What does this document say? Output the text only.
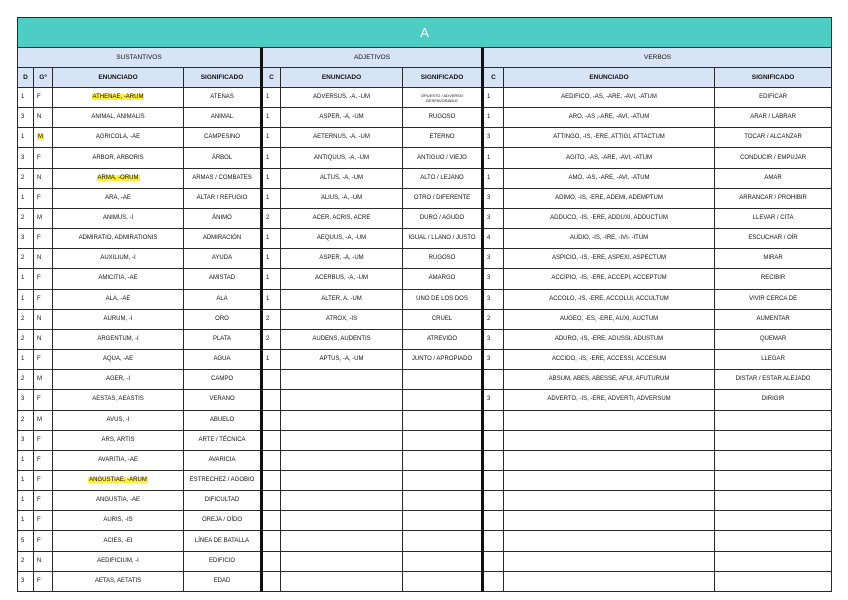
A									
SUSTANTIVOS				ADJETIVOS			VERBOS		
D	Gº	ENUNCIADO	SIGNIFICADO	C	ENUNCIADO	SIGNIFICADO	C	ENUNCIADO	SIGNIFICADO
1	F	ATHENAE, -ARUM	ATENAS	1	ADVERSUS, -A, -UM	OPUESTO / ADVERSO DESFAVORABLE	1	AEDIFICO, -AS, -ARE, -AVI, -ATUM	EDIFICAR
3	N	ANIMAL, ANIMALIS	ANIMAL	1	ASPER, -A, -UM	RUGOSO	1	ARO, -AS ,-ARE, -AVI, -ATUM	ARAR / LABRAR
1	M	AGRICOLA, -AE	CAMPESINO	1	AETERNUS, -A, -UM	ETERNO	3	ATTINGO, -IS, -ERE, ATTIGI, ATTACTUM	TOCAR / ALCANZAR
3	F	ARBOR, ARBORIS	ÁRBOL	1	ANTIQUUS, -A, -UM	ANTIGUO / VIEJO	1	AGITO, -AS, -ARE, -AVI, -ATUM	CONDUCIR / EMPUJAR
2	N	ARMA, -ORUM	ARMAS / COMBATES	1	ALTUS, -A, -UM	ALTO / LEJANO	1	AMO, -AS, -ARE, -AVI, -ATUM	AMAR
1	F	ARA, -AE	ALTAR / REFUGIO	1	ALIUS, -A, -UM	OTRO / DIFERENTE	3	ADIMO, -IS, -ERE, ADEMI, ADEMPTUM	ARRANCAR / PROHIBIR
2	M	ANIMUS, -I	ÁNIMO	2	ACER, ACRIS, ACRE	DURO / AGUDO	3	ADDUCO, -IS, -ERE, ADDUXI, ADDUCTUM	LLEVAR / CITA
3	F	ADMIRATIO, ADMIRATIONIS	ADMIRACIÓN	1	AEQUUS, -A, -UM	IGUAL / LLANO / JUSTO	4	AUDIO, -IS, -IRE, -IVI- -ITUM	ESCUCHAR / OÍR
2	N	AUXILIUM, -I	AYUDA	1	ASPER, -A, -UM	RUGOSO	3	ASPICIO, -IS, -ERE, ASPEXI, ASPECTUM	MIRAR
1	F	AMICITIA, -AE	AMISTAD	1	ACERBUS, -A, -UM	AMARGO	3	ACCIPIO, -IS, -ERE, ACCEPI, ACCEPTUM	RECIBIR
1	F	ALA, -AE	ALA	1	ALTER, A, -UM	UNO DE LOS DOS	3	ACCOLO, -IS, -ERE, ACCOLUI, ACCULTUM	VIVIR CERCA DE
2	N	AURUM, -I	ORO	2	ATROX, -IS	CRUEL	2	AUGEO, -ES, -ERE, AUXI, AUCTUM	AUMENTAR
2	N	ARGENTUM, -I	PLATA	2	AUDENS, AUDENTIS	ATREVIDO	3	ADURO, -IS, -ERE, ADUSSI, ADUSTUM	QUEMAR
1	F	AQUA, -AE	AGUA	1	APTUS, -A, -UM	JUNTO / APROPIADO	3	ACCIDO, -IS, -ERE, ACCESSI, ACCESUM	LLEGAR
2	M	AGER, -I	CAMPO					ABSUM, ABES, ABESSE, AFUI, AFUTURUM	DISTAR / ESTAR ALEJADO
3	F	AESTAS, AEASTIS	VERANO				3	ADVERTO, -IS, -ERE, ADVERTI, ADVERSUM	DIRIGIR
2	M	AVUS, -I	ABUELO						
3	F	ARS, ARTIS	ARTE / TÉCNICA						
1	F	AVARITIA, -AE	AVARICIA						
1	F	ANGUSTIAE, -ARUM	ESTRECHEZ / AGOBIO						
1	F	ANGUSTIA, -AE	DIFICULTAD						
1	F	AURIS, -IS	OREJA / OÍDO						
5	F	ACIES, -EI	LÍNEA DE BATALLA						
2	N	AEDIFICIUM, -I	EDIFICIO						
3	F	AETAS, AETATIS	EDAD						
